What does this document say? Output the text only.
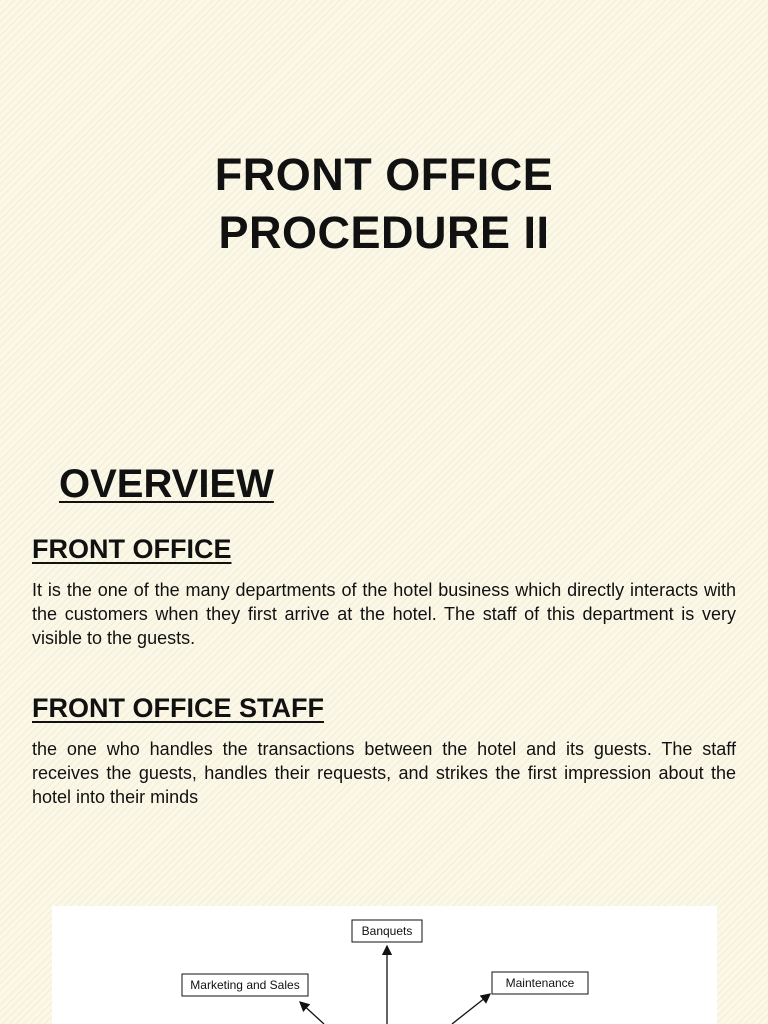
FRONT OFFICE
PROCEDURE II
OVERVIEW
FRONT OFFICE

It is the one of the many departments of the hotel business which directly interacts with the customers when they first arrive at the hotel. The staff of this department is very visible to the guests.

FRONT OFFICE STAFF

the one who handles the transactions between the hotel and its guests. The staff receives the guests, handles their requests, and strikes the first impression about the hotel into their minds

Banquets
Marketing and Sales	Maintenance
